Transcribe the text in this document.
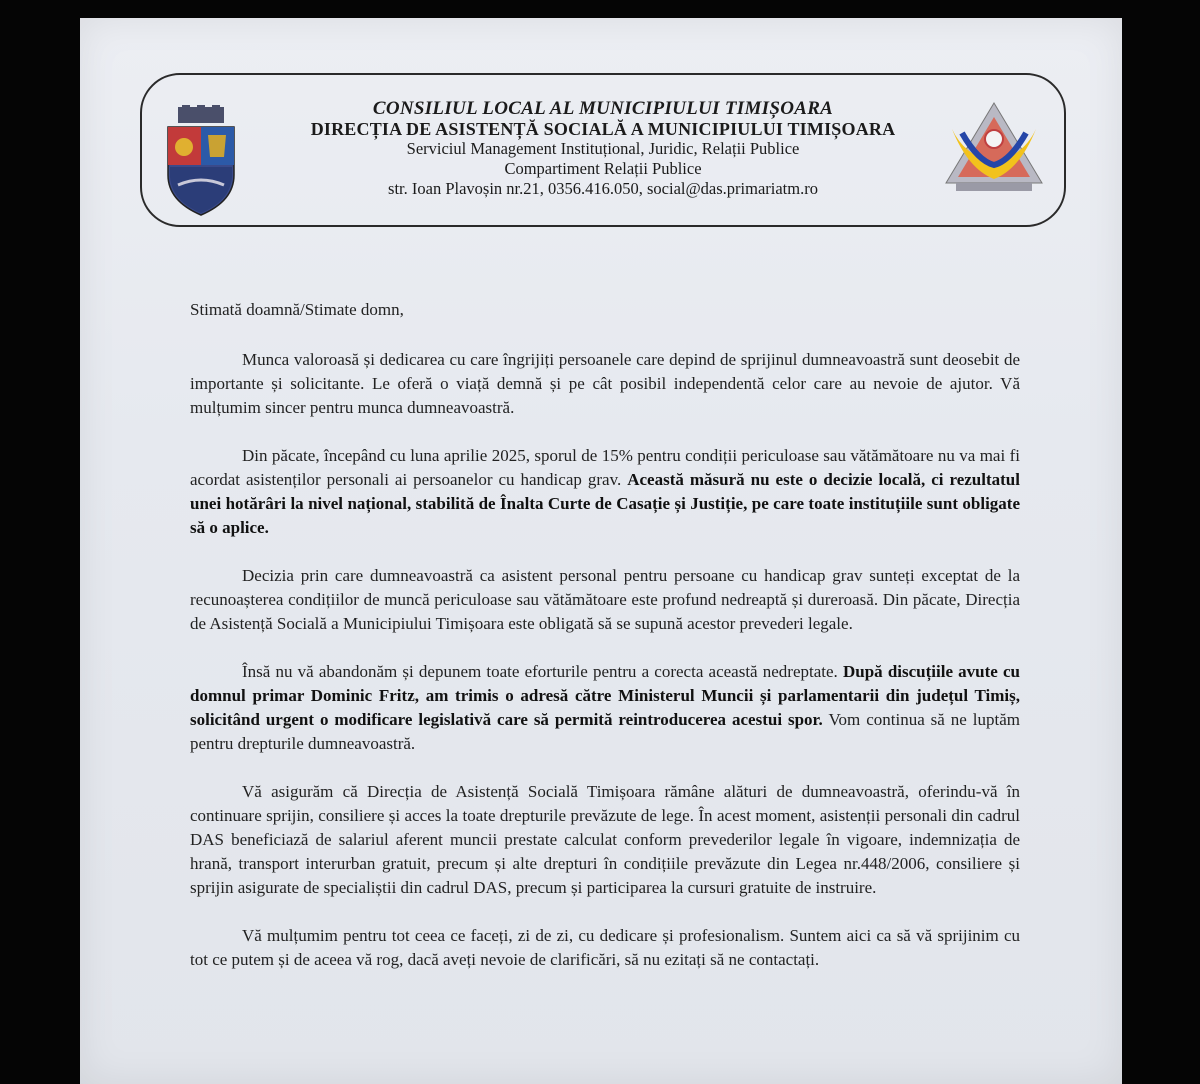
CONSILIUL LOCAL AL MUNICIPIULUI TIMIȘOARA
DIRECȚIA DE ASISTENȚĂ SOCIALĂ A MUNICIPIULUI TIMIȘOARA
Serviciul Management Instituțional, Juridic, Relații Publice
Compartiment Relații Publice
str. Ioan Plavoșin nr.21, 0356.416.050, social@das.primariatm.ro

Stimată doamnă/Stimate domn,

Munca valoroasă și dedicarea cu care îngrijiți persoanele care depind de sprijinul dumneavoastră sunt deosebit de importante și solicitante. Le oferă o viață demnă și pe cât posibil independentă celor care au nevoie de ajutor. Vă mulțumim sincer pentru munca dumneavoastră.

Din păcate, începând cu luna aprilie 2025, sporul de 15% pentru condiții periculoase sau vătămătoare nu va mai fi acordat asistenților personali ai persoanelor cu handicap grav. Această măsură nu este o decizie locală, ci rezultatul unei hotărâri la nivel național, stabilită de Înalta Curte de Casație și Justiție, pe care toate instituțiile sunt obligate să o aplice.

Decizia prin care dumneavoastră ca asistent personal pentru persoane cu handicap grav sunteți exceptat de la recunoașterea condițiilor de muncă periculoase sau vătămătoare este profund nedreaptă și dureroasă. Din păcate, Direcția de Asistență Socială a Municipiului Timișoara este obligată să se supună acestor prevederi legale.

Însă nu vă abandonăm și depunem toate eforturile pentru a corecta această nedreptate. După discuțiile avute cu domnul primar Dominic Fritz, am trimis o adresă către Ministerul Muncii și parlamentarii din județul Timiș, solicitând urgent o modificare legislativă care să permită reintroducerea acestui spor. Vom continua să ne luptăm pentru drepturile dumneavoastră.

Vă asigurăm că Direcția de Asistență Socială Timișoara rămâne alături de dumneavoastră, oferindu-vă în continuare sprijin, consiliere și acces la toate drepturile prevăzute de lege. În acest moment, asistenții personali din cadrul DAS beneficiază de salariul aferent muncii prestate calculat conform prevederilor legale în vigoare, indemnizația de hrană, transport interurban gratuit, precum și alte drepturi în condițiile prevăzute din Legea nr.448/2006, consiliere și sprijin asigurate de specialiștii din cadrul DAS, precum și participarea la cursuri gratuite de instruire.

Vă mulțumim pentru tot ceea ce faceți, zi de zi, cu dedicare și profesionalism. Suntem aici ca să vă sprijinim cu tot ce putem și de aceea vă rog, dacă aveți nevoie de clarificări, să nu ezitați să ne contactați.
